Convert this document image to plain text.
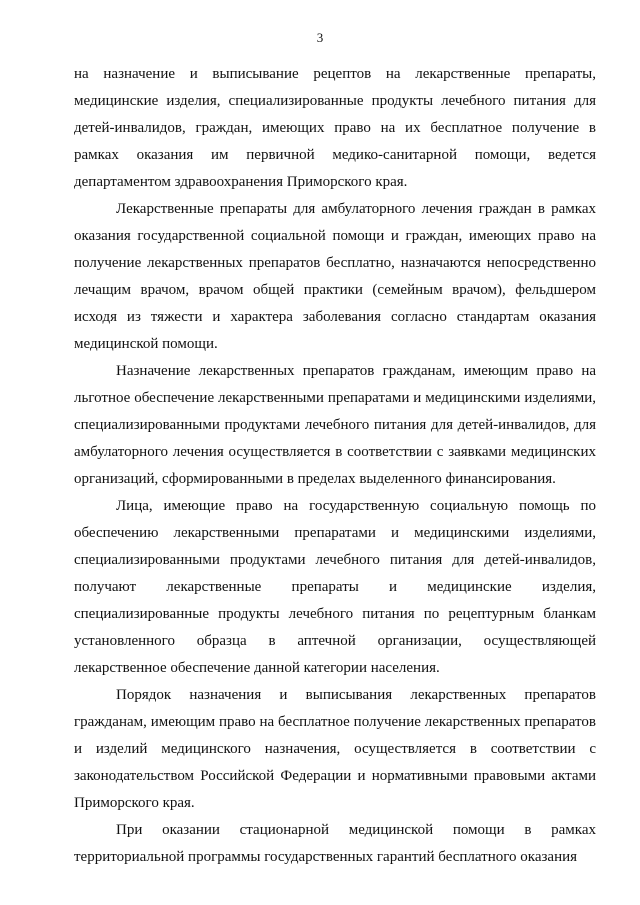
3

на назначение и выписывание рецептов на лекарственные препараты, медицинские изделия, специализированные продукты лечебного питания для детей-инвалидов, граждан, имеющих право на их бесплатное получение в рамках оказания им первичной медико-санитарной помощи, ведется департаментом здравоохранения Приморского края.

Лекарственные препараты для амбулаторного лечения граждан в рамках оказания государственной социальной помощи и граждан, имеющих право на получение лекарственных препаратов бесплатно, назначаются непосредственно лечащим врачом, врачом общей практики (семейным врачом), фельдшером исходя из тяжести и характера заболевания согласно стандартам оказания медицинской помощи.

Назначение лекарственных препаратов гражданам, имеющим право на льготное обеспечение лекарственными препаратами и медицинскими изделиями, специализированными продуктами лечебного питания для детей-инвалидов, для амбулаторного лечения осуществляется в соответствии с заявками медицинских организаций, сформированными в пределах выделенного финансирования.

Лица, имеющие право на государственную социальную помощь по обеспечению лекарственными препаратами и медицинскими изделиями, специализированными продуктами лечебного питания для детей-инвалидов, получают лекарственные препараты и медицинские изделия, специализированные продукты лечебного питания по рецептурным бланкам установленного образца в аптечной организации, осуществляющей лекарственное обеспечение данной категории населения.

Порядок назначения и выписывания лекарственных препаратов гражданам, имеющим право на бесплатное получение лекарственных препаратов и изделий медицинского назначения, осуществляется в соответствии с законодательством Российской Федерации и нормативными правовыми актами Приморского края.

При оказании стационарной медицинской помощи в рамках территориальной программы государственных гарантий бесплатного оказания
